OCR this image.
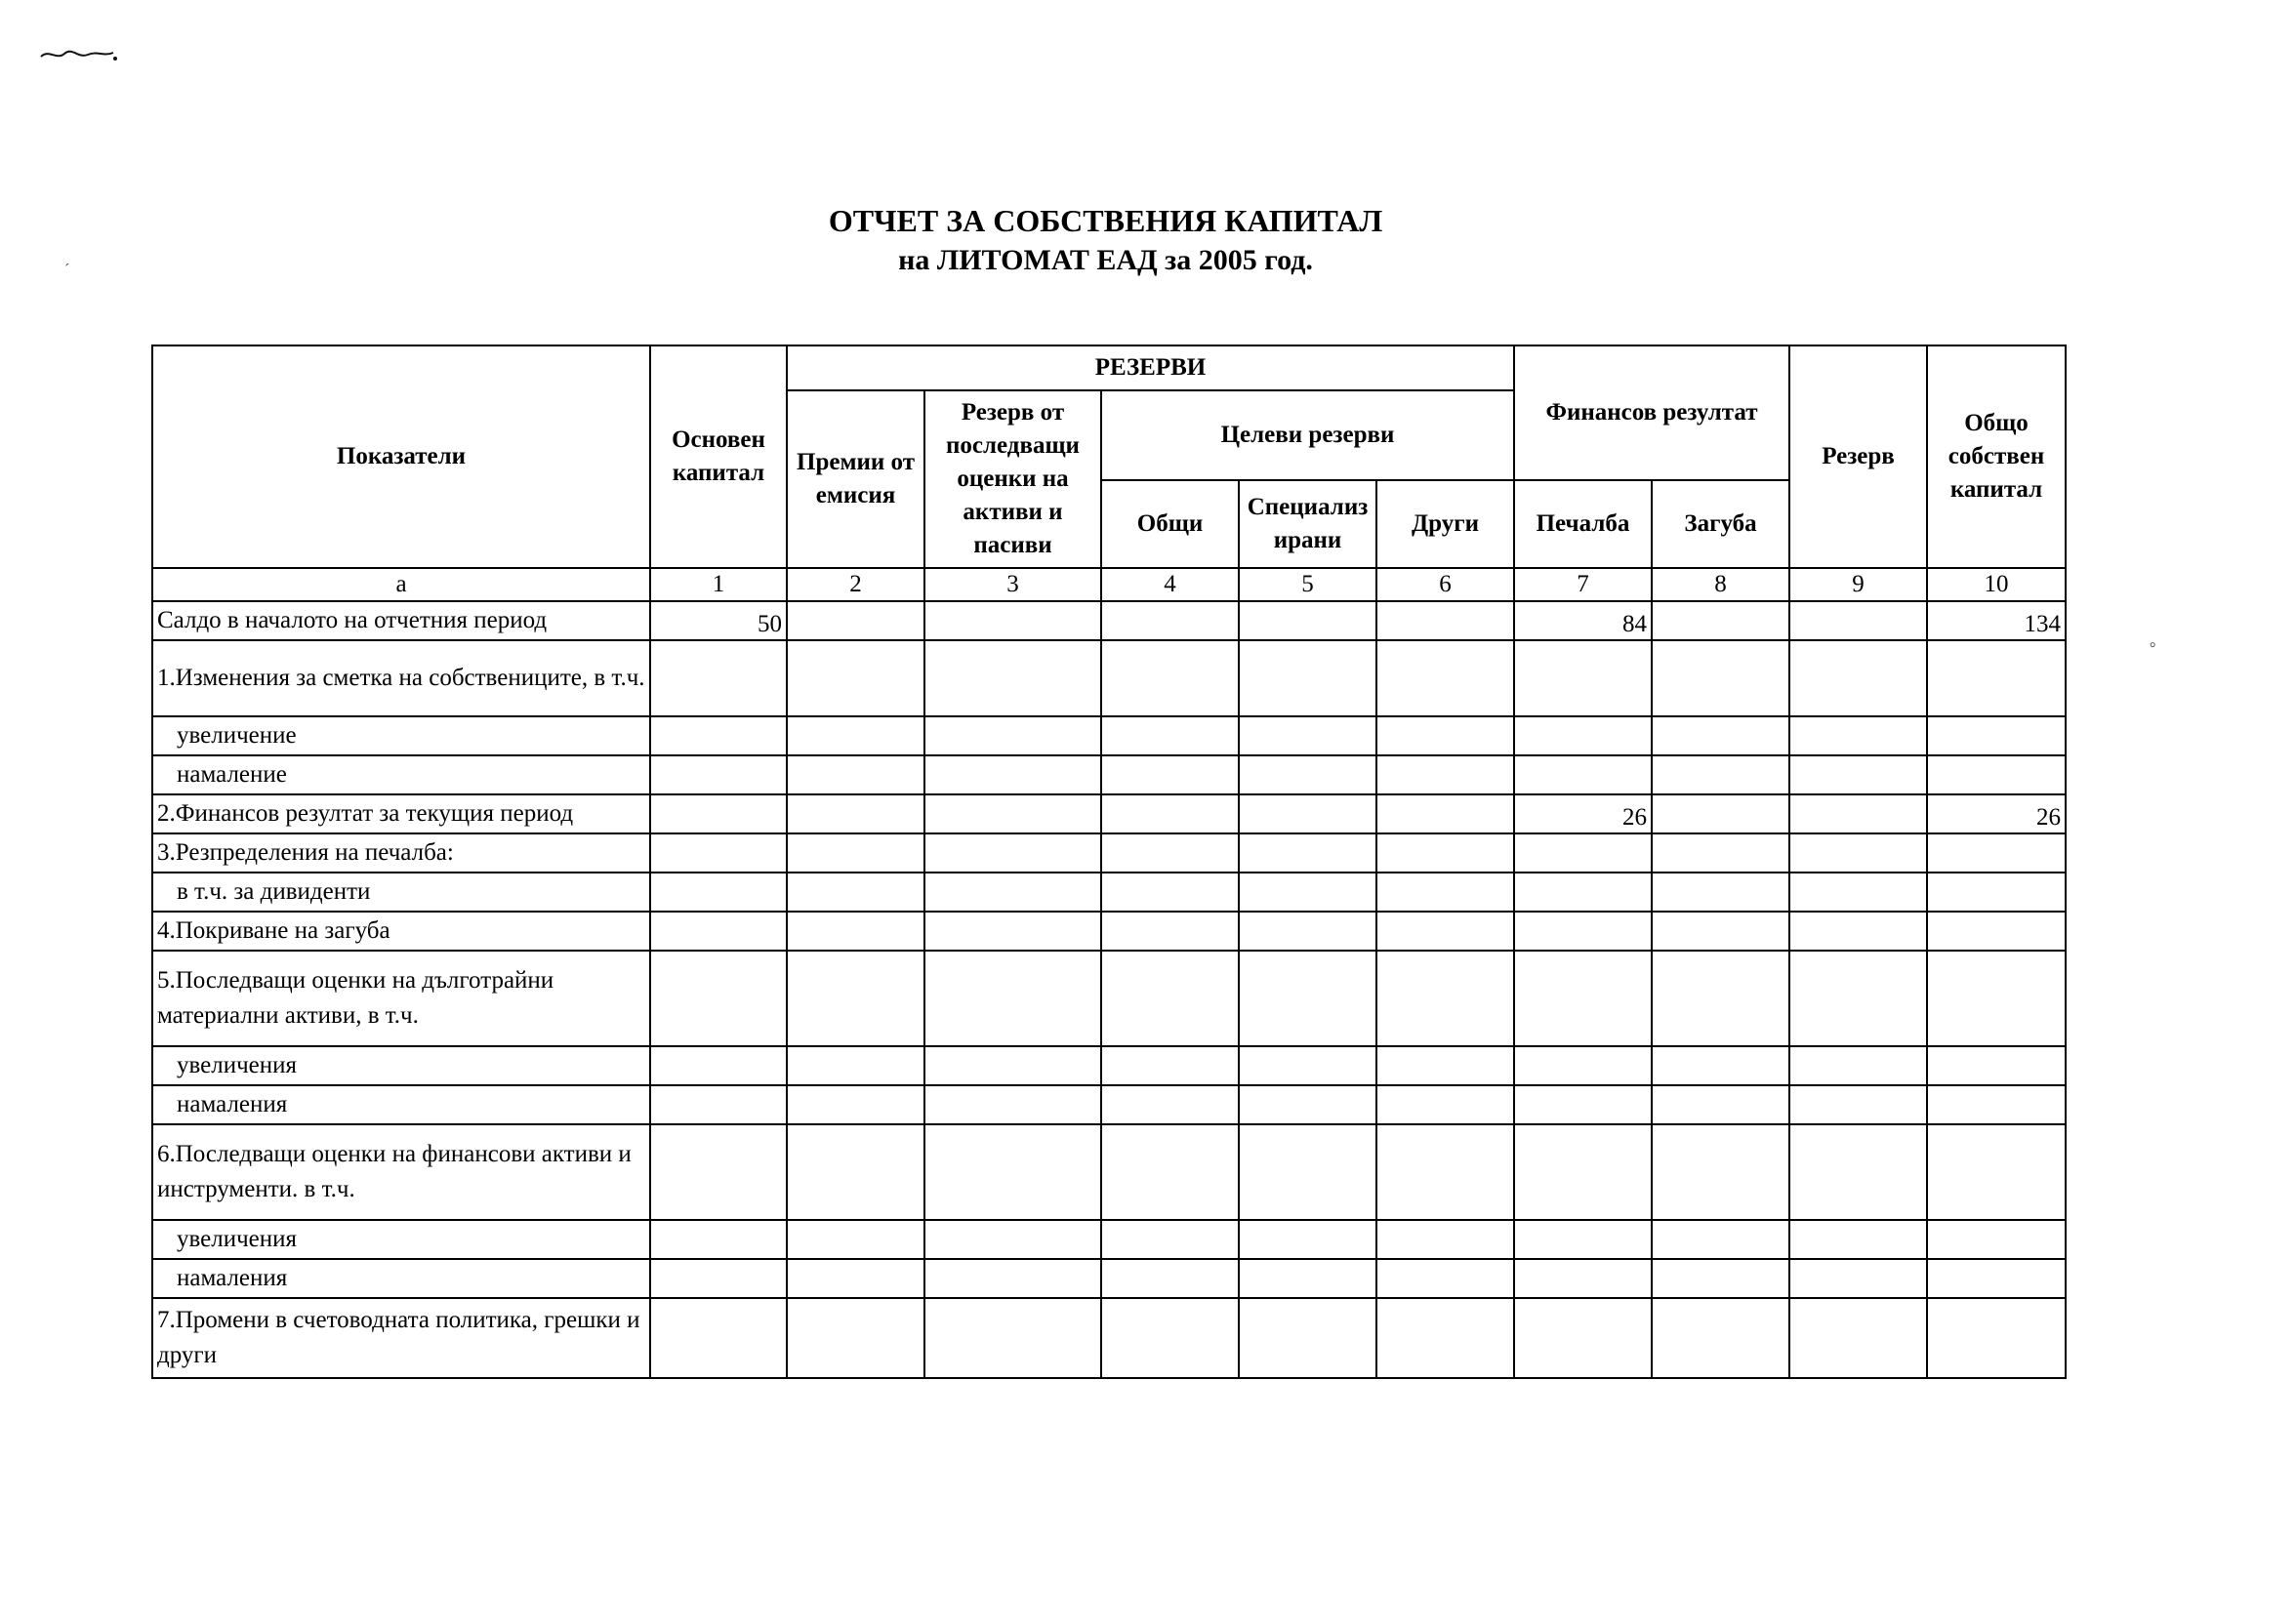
°
ˊ
ОТЧЕТ ЗА СОБСТВЕНИЯ КАПИТАЛ
на ЛИТОМАТ ЕАД за 2005 год.
Показатели	Основен капитал	РЕЗЕРВИ					Финансов резултат		Резерв	Общо собствен капитал
		Премии от емисия	Резерв от последващи оценки на активи и пасиви	Целеви резерви						
				Общи	Специализирани	Други	Печалба	Загуба		
а	1	2	3	4	5	6	7	8	9	10
Салдо в началото на отчетния период	50						84			134
1.Изменения за сметка на собствениците, в т.ч.										
увеличение										
намаление										
2.Финансов резултат за текущия период							26			26
3.Резпределения на печалба:										
в т.ч. за дивиденти										
4.Покриване на загуба										
5.Последващи оценки на дълготрайни материални активи, в т.ч.										
увеличения										
намаления										
6.Последващи оценки на финансови активи и инструменти. в т.ч.										
увеличения										
намаления										
7.Промени в счетоводната политика, грешки и други										
